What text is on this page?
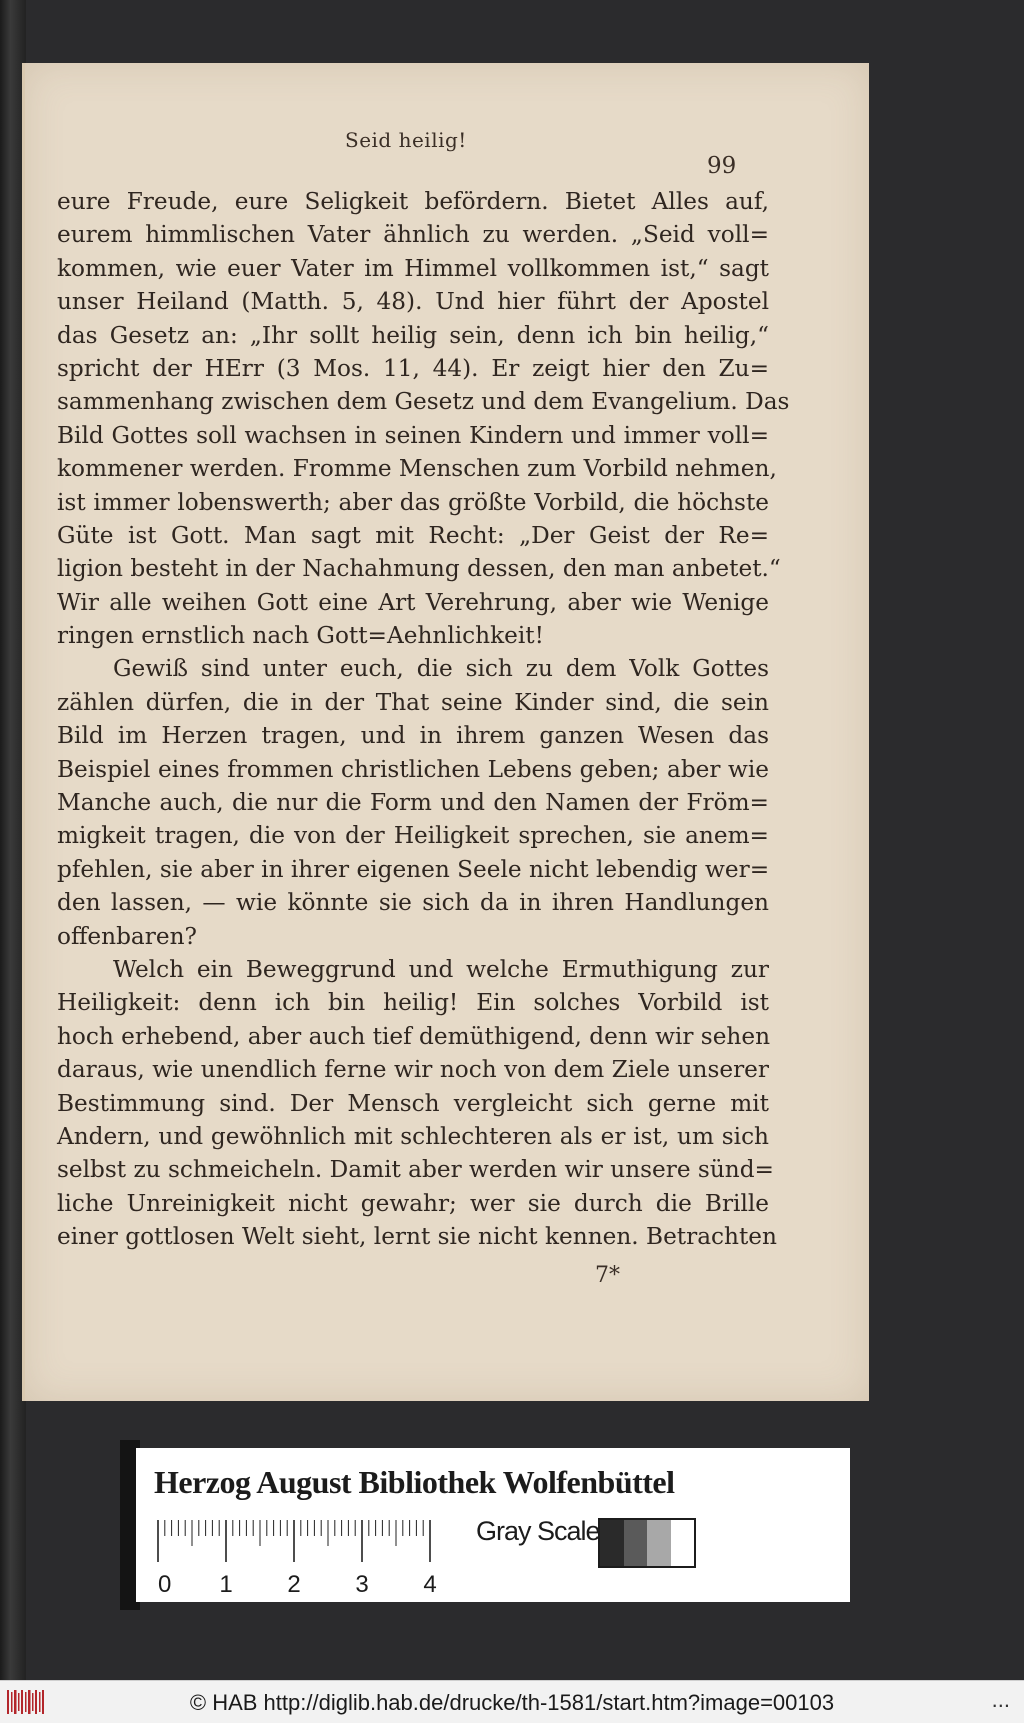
Seid heilig!
99
eure Freude, eure Seligkeit befördern. Bietet Alles auf,
eurem himmlischen Vater ähnlich zu werden. „Seid voll=
kommen, wie euer Vater im Himmel vollkommen ist,“ sagt
unser Heiland (Matth. 5, 48). Und hier führt der Apostel
das Gesetz an: „Ihr sollt heilig sein, denn ich bin heilig,“
spricht der HErr (3 Mos. 11, 44). Er zeigt hier den Zu=
sammenhang zwischen dem Gesetz und dem Evangelium. Das
Bild Gottes soll wachsen in seinen Kindern und immer voll=
kommener werden. Fromme Menschen zum Vorbild nehmen,
ist immer lobenswerth; aber das größte Vorbild, die höchste
Güte ist Gott. Man sagt mit Recht: „Der Geist der Re=
ligion besteht in der Nachahmung dessen, den man anbetet.“
Wir alle weihen Gott eine Art Verehrung, aber wie Wenige
ringen ernstlich nach Gott=Aehnlichkeit!
Gewiß sind unter euch, die sich zu dem Volk Gottes
zählen dürfen, die in der That seine Kinder sind, die sein
Bild im Herzen tragen, und in ihrem ganzen Wesen das
Beispiel eines frommen christlichen Lebens geben; aber wie
Manche auch, die nur die Form und den Namen der Fröm=
migkeit tragen, die von der Heiligkeit sprechen, sie anem=
pfehlen, sie aber in ihrer eigenen Seele nicht lebendig wer=
den lassen, — wie könnte sie sich da in ihren Handlungen
offenbaren?
Welch ein Beweggrund und welche Ermuthigung zur
Heiligkeit: denn ich bin heilig! Ein solches Vorbild ist
hoch erhebend, aber auch tief demüthigend, denn wir sehen
daraus, wie unendlich ferne wir noch von dem Ziele unserer
Bestimmung sind. Der Mensch vergleicht sich gerne mit
Andern, und gewöhnlich mit schlechteren als er ist, um sich
selbst zu schmeicheln. Damit aber werden wir unsere sünd=
liche Unreinigkeit nicht gewahr; wer sie durch die Brille
einer gottlosen Welt sieht, lernt sie nicht kennen. Betrachten
7*
Herzog August Bibliothek Wolfenbüttel
0 1 2 3 4
Gray Scale
© HAB http://diglib.hab.de/drucke/th-1581/start.htm?image=00103	...
